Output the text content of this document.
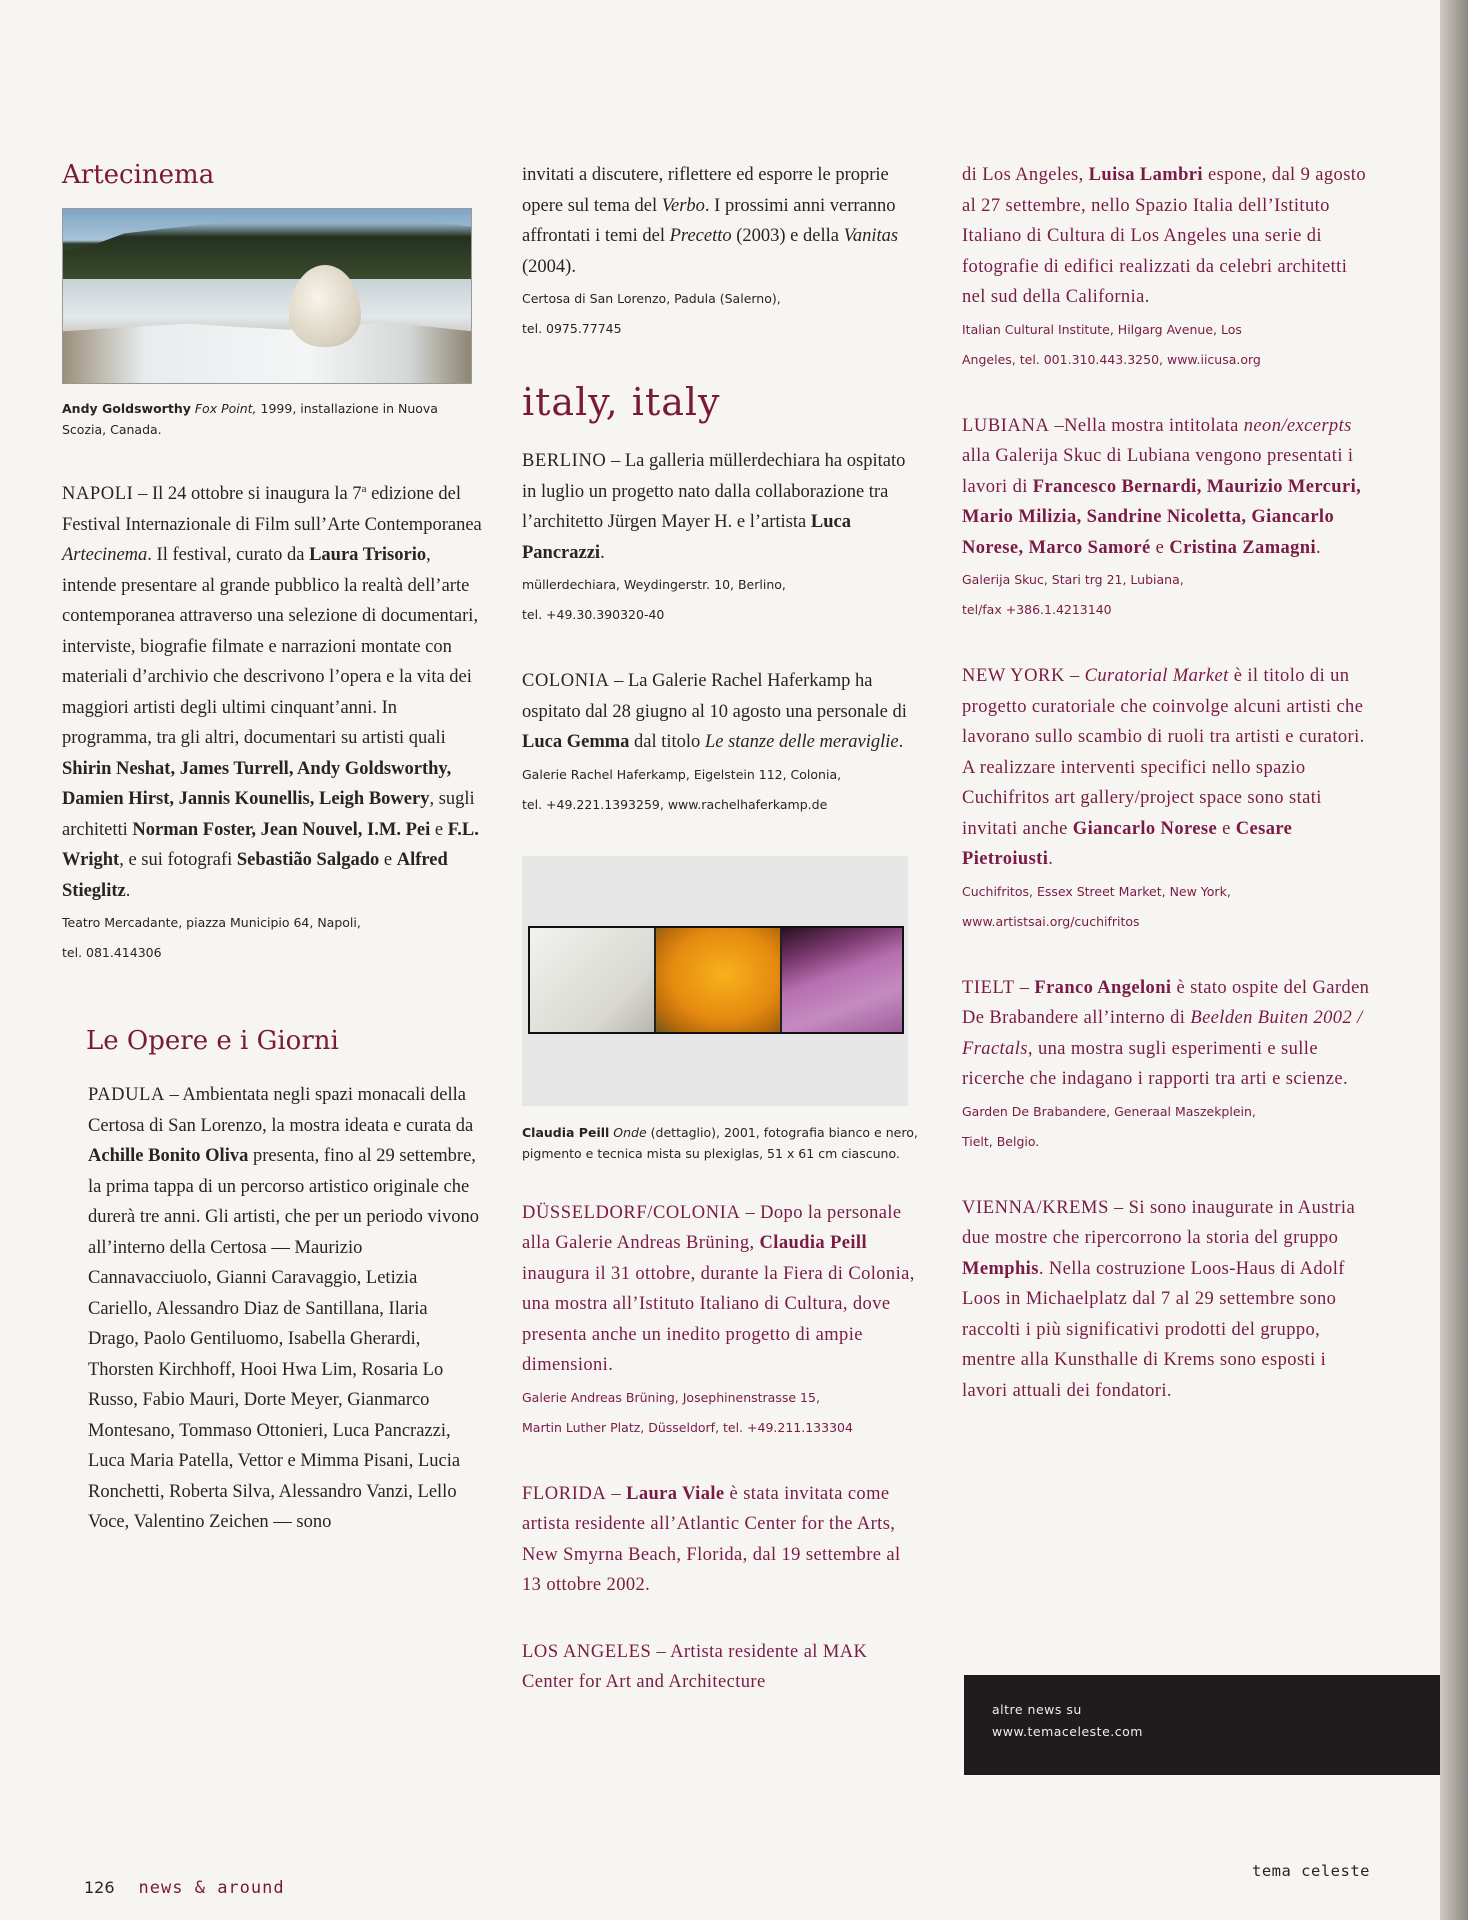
Artecinema

Andy Goldsworthy Fox Point, 1999, installazione in Nuova Scozia, Canada.

NAPOLI – Il 24 ottobre si inaugura la 7$^a$ edizione del Festival Internazionale di Film sull’Arte Contemporanea Artecinema. Il festival, curato da Laura Trisorio, intende presentare al grande pubblico la realtà dell’arte contemporanea attraverso una selezione di documentari, interviste, biografie filmate e narrazioni montate con materiali d’archivio che descrivono l’opera e la vita dei maggiori artisti degli ultimi cinquant’anni. In programma, tra gli altri, documentari su artisti quali Shirin Neshat, James Turrell, Andy Goldsworthy, Damien Hirst, Jannis Kounellis, Leigh Bowery, sugli architetti Norman Foster, Jean Nouvel, I.M. Pei e F.L. Wright, e sui fotografi Sebastião Salgado e Alfred Stieglitz.

Teatro Mercadante, piazza Municipio 64, Napoli,
tel. 081.414306

Le Opere e i Giorni

PADULA – Ambientata negli spazi monacali della Certosa di San Lorenzo, la mostra ideata e curata da Achille Bonito Oliva presenta, fino al 29 settembre, la prima tappa di un percorso artistico originale che durerà tre anni. Gli artisti, che per un periodo vivono all’interno della Certosa — Maurizio Cannavacciuolo, Gianni Caravaggio, Letizia Cariello, Alessandro Diaz de Santillana, Ilaria Drago, Paolo Gentiluomo, Isabella Gherardi, Thorsten Kirchhoff, Hooi Hwa Lim, Rosaria Lo Russo, Fabio Mauri, Dorte Meyer, Gianmarco Montesano, Tommaso Ottonieri, Luca Pancrazzi, Luca Maria Patella, Vettor e Mimma Pisani, Lucia Ronchetti, Roberta Silva, Alessandro Vanzi, Lello Voce, Valentino Zeichen — sono

invitati a discutere, riflettere ed esporre le proprie opere sul tema del Verbo. I prossimi anni verranno affrontati i temi del Precetto (2003) e della Vanitas (2004).

Certosa di San Lorenzo, Padula (Salerno),
tel. 0975.77745

italy, italy

BERLINO – La galleria müllerdechiara ha ospitato in luglio un progetto nato dalla collaborazione tra l’architetto Jürgen Mayer H. e l’artista Luca Pancrazzi.

müllerdechiara, Weydingerstr. 10, Berlino,
tel. +49.30.390320-40

COLONIA – La Galerie Rachel Haferkamp ha ospitato dal 28 giugno al 10 agosto una personale di Luca Gemma dal titolo Le stanze delle meraviglie.

Galerie Rachel Haferkamp, Eigelstein 112, Colonia,
tel. +49.221.1393259, www.rachelhaferkamp.de

Claudia Peill Onde (dettaglio), 2001, fotografia bianco e nero, pigmento e tecnica mista su plexiglas, 51 x 61 cm ciascuno.

DÜSSELDORF/COLONIA – Dopo la personale alla Galerie Andreas Brüning, Claudia Peill inaugura il 31 ottobre, durante la Fiera di Colonia, una mostra all’Istituto Italiano di Cultura, dove presenta anche un inedito progetto di ampie dimensioni.

Galerie Andreas Brüning, Josephinenstrasse 15,
Martin Luther Platz, Düsseldorf, tel. +49.211.133304

FLORIDA – Laura Viale è stata invitata come artista residente all’Atlantic Center for the Arts, New Smyrna Beach, Florida, dal 19 settembre al 13 ottobre 2002.

LOS ANGELES – Artista residente al MAK Center for Art and Architecture

di Los Angeles, Luisa Lambri espone, dal 9 agosto al 27 settembre, nello Spazio Italia dell’Istituto Italiano di Cultura di Los Angeles una serie di fotografie di edifici realizzati da celebri architetti nel sud della California.

Italian Cultural Institute, Hilgarg Avenue, Los
Angeles, tel. 001.310.443.3250, www.iicusa.org

LUBIANA –Nella mostra intitolata neon/excerpts alla Galerija Skuc di Lubiana vengono presentati i lavori di Francesco Bernardi, Maurizio Mercuri, Mario Milizia, Sandrine Nicoletta, Giancarlo Norese, Marco Samoré e Cristina Zamagni.

Galerija Skuc, Stari trg 21, Lubiana,
tel/fax +386.1.4213140

NEW YORK – Curatorial Market è il titolo di un progetto curatoriale che coinvolge alcuni artisti che lavorano sullo scambio di ruoli tra artisti e curatori. A realizzare interventi specifici nello spazio Cuchifritos art gallery/project space sono stati invitati anche Giancarlo Norese e Cesare Pietroiusti.

Cuchifritos, Essex Street Market, New York,
www.artistsai.org/cuchifritos

TIELT – Franco Angeloni è stato ospite del Garden De Brabandere all’interno di Beelden Buiten 2002 / Fractals, una mostra sugli esperimenti e sulle ricerche che indagano i rapporti tra arti e scienze.

Garden De Brabandere, Generaal Maszekplein,
Tielt, Belgio.

VIENNA/KREMS – Si sono inaugurate in Austria due mostre che ripercorrono la storia del gruppo Memphis. Nella costruzione Loos-Haus di Adolf Loos in Michaelplatz dal 7 al 29 settembre sono raccolti i più significativi prodotti del gruppo, mentre alla Kunsthalle di Krems sono esposti i lavori attuali dei fondatori.

altre news su
www.temaceleste.com

126 news & around
tema celeste
